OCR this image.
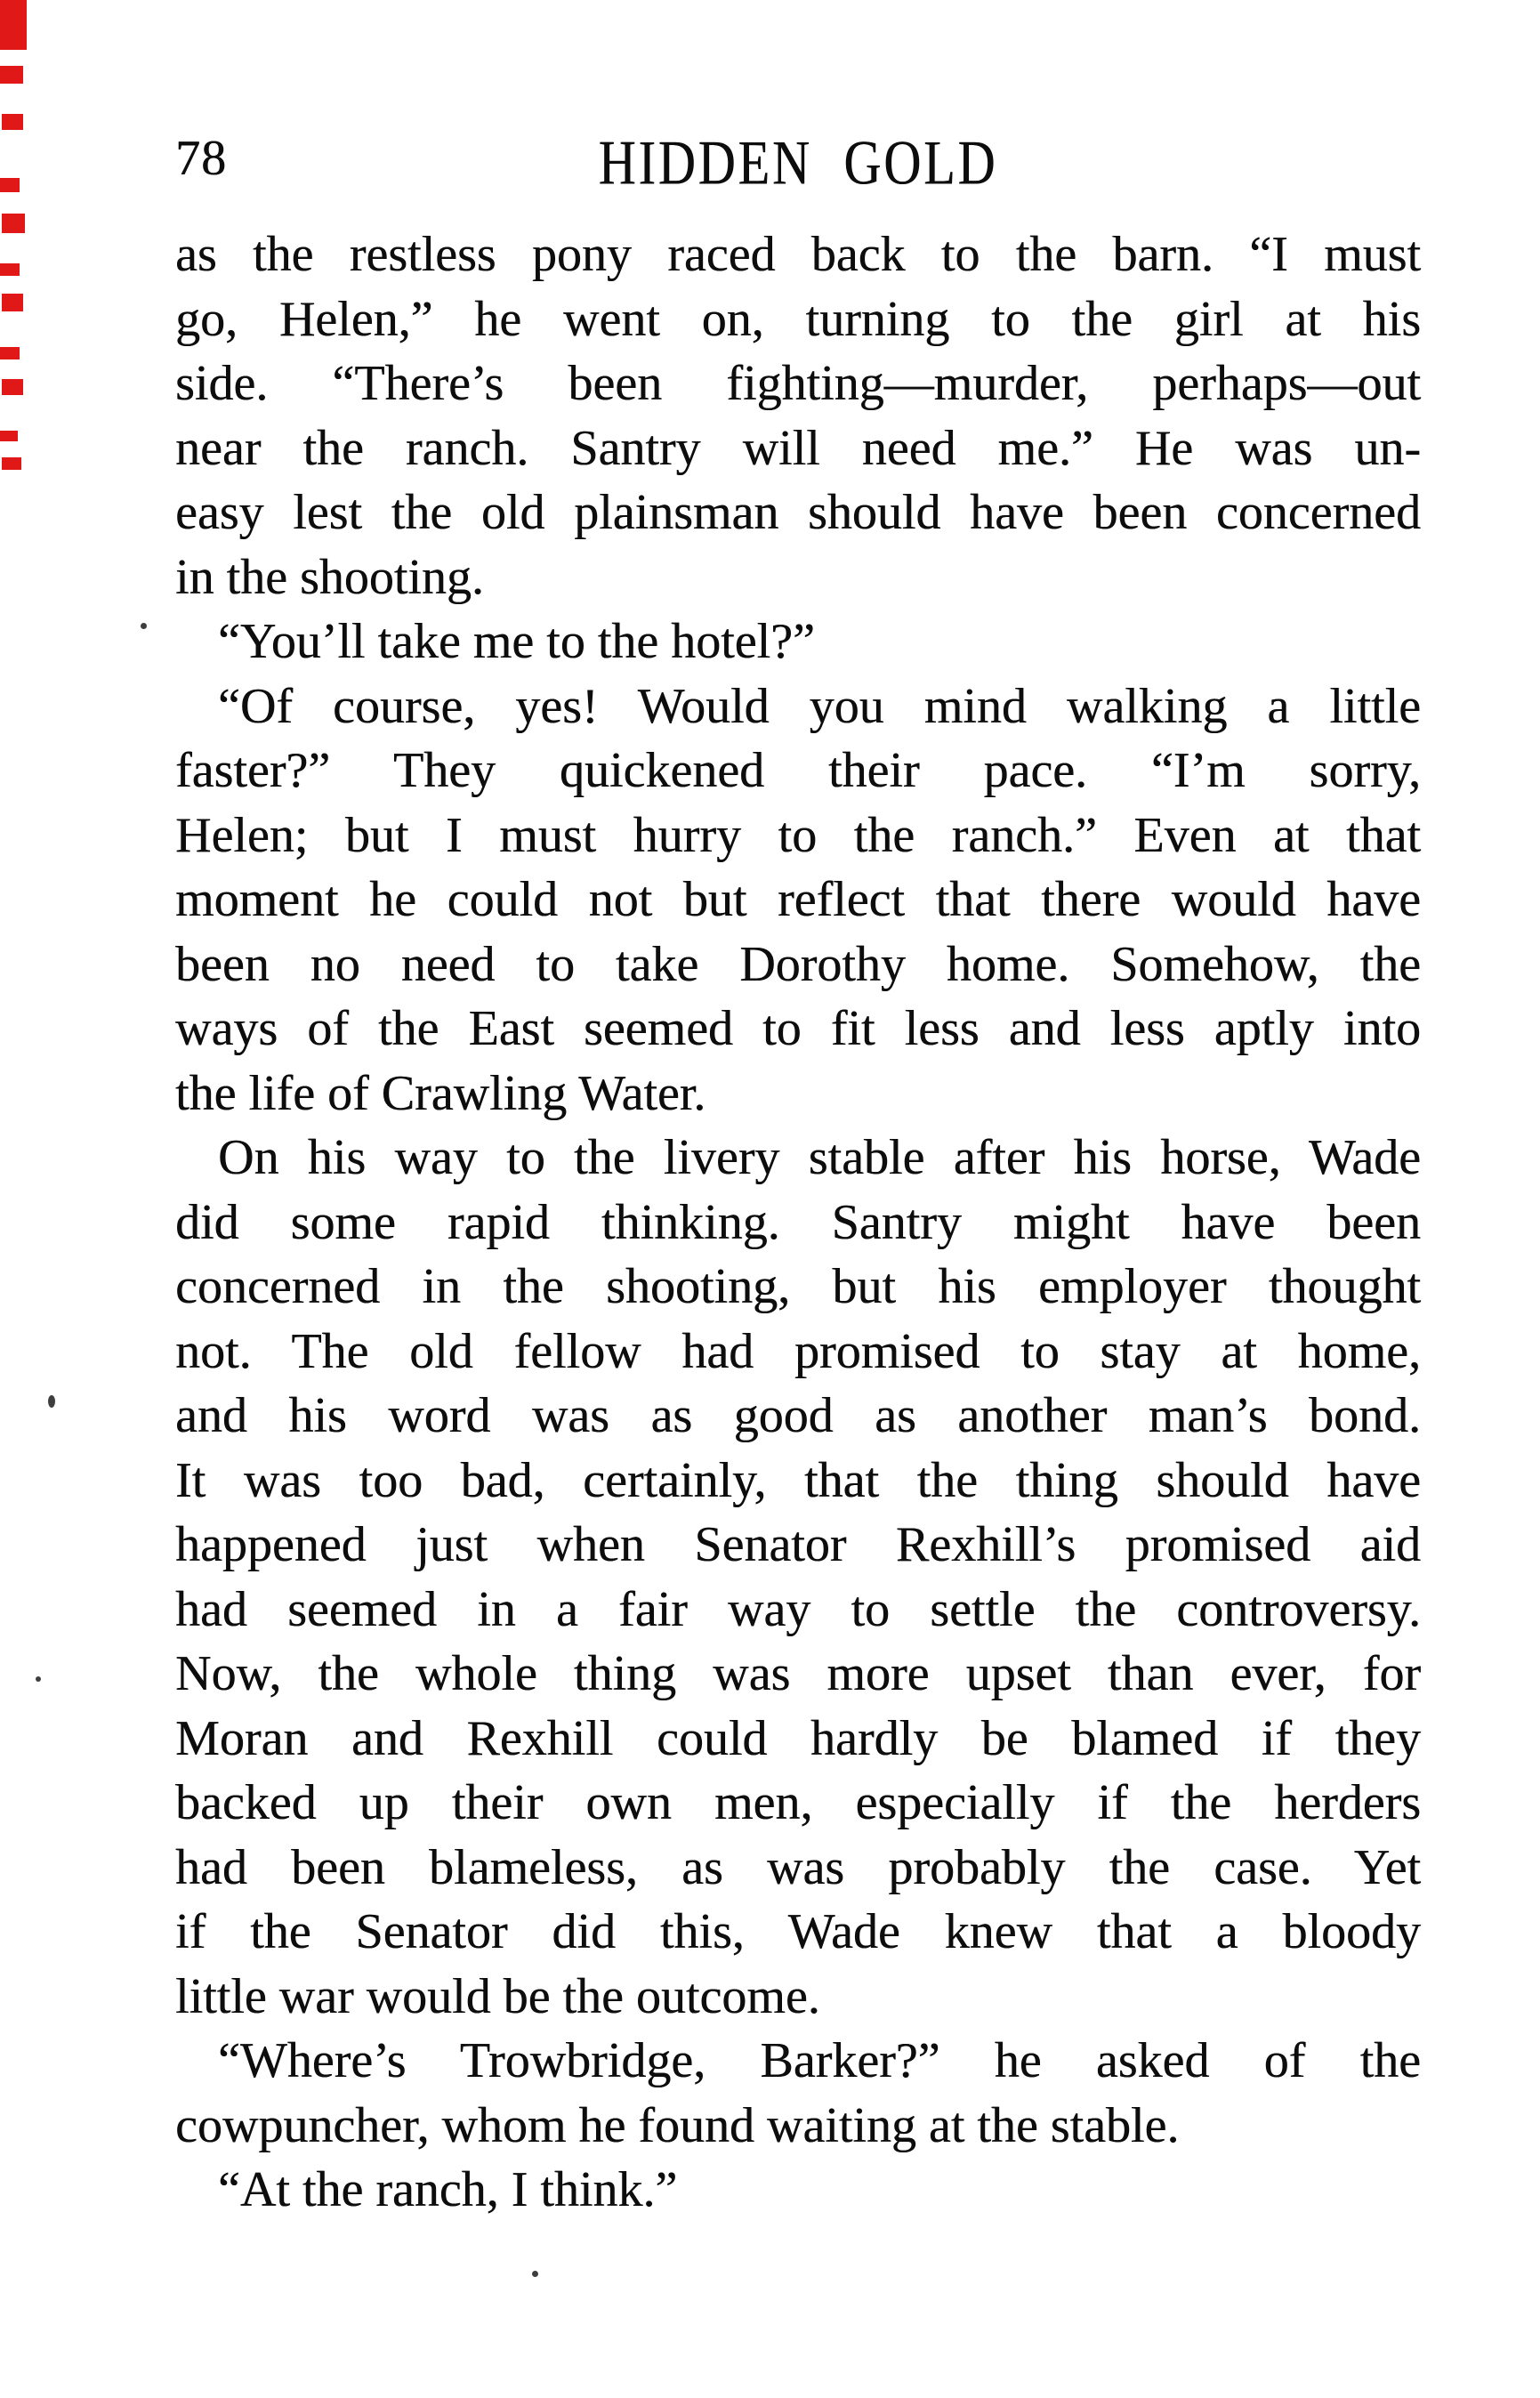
78	HIDDEN GOLD
as the restless pony raced back to the barn. “I must
go, Helen,” he went on, turning to the girl at his
side. “There’s been fighting—murder, perhaps—out
near the ranch. Santry will need me.” He was un-
easy lest the old plainsman should have been concerned
in the shooting.
“You’ll take me to the hotel?”
“Of course, yes! Would you mind walking a little
faster?” They quickened their pace. “I’m sorry,
Helen; but I must hurry to the ranch.” Even at that
moment he could not but reflect that there would have
been no need to take Dorothy home. Somehow, the
ways of the East seemed to fit less and less aptly into
the life of Crawling Water.
On his way to the livery stable after his horse, Wade
did some rapid thinking. Santry might have been
concerned in the shooting, but his employer thought
not. The old fellow had promised to stay at home,
and his word was as good as another man’s bond.
It was too bad, certainly, that the thing should have
happened just when Senator Rexhill’s promised aid
had seemed in a fair way to settle the controversy.
Now, the whole thing was more upset than ever, for
Moran and Rexhill could hardly be blamed if they
backed up their own men, especially if the herders
had been blameless, as was probably the case. Yet
if the Senator did this, Wade knew that a bloody
little war would be the outcome.
“Where’s Trowbridge, Barker?” he asked of the
cowpuncher, whom he found waiting at the stable.
“At the ranch, I think.”
